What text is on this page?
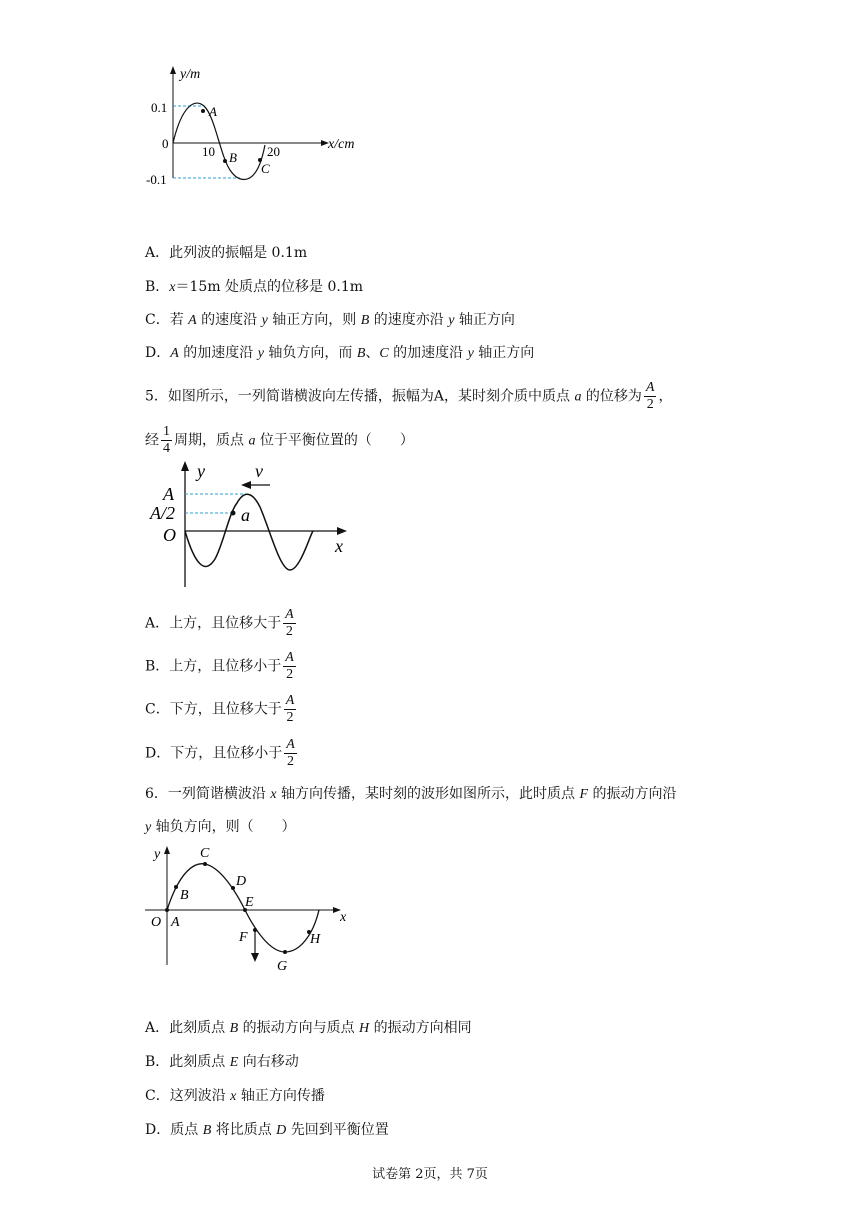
y/m
x/cm
0.1
0
-0.1
10	20
A
B
C
A．此列波的振幅是 0.1m
B．x＝15m 处质点的位移是 0.1m
C．若 A 的速度沿 y 轴正方向，则 B 的速度亦沿 y 轴正方向
D．A 的加速度沿 y 轴负方向，而 B、C 的加速度沿 y 轴正方向
5．如图所示，一列简谐横波向左传播，振幅为A，某时刻介质中质点 a 的位移为 $\frac{A}{2}$ ，
经 $\frac{1}{4}$ 周期，质点 a 位于平衡位置的（　　）
y	v
A
A/2
O
x
a
A．上方，且位移大于 $\frac{A}{2}$
B．上方，且位移小于 $\frac{A}{2}$
C．下方，且位移大于 $\frac{A}{2}$
D．下方，且位移小于 $\frac{A}{2}$
6．一列简谐横波沿 x 轴方向传播，某时刻的波形如图所示，此时质点 F 的振动方向沿
y 轴负方向，则（　　）
y
x
O A
B
C
D
E
F
G
H
A．此刻质点 B 的振动方向与质点 H 的振动方向相同
B．此刻质点 E 向右移动
C．这列波沿 x 轴正方向传播
D．质点 B 将比质点 D 先回到平衡位置
试卷第 2页，共 7页
